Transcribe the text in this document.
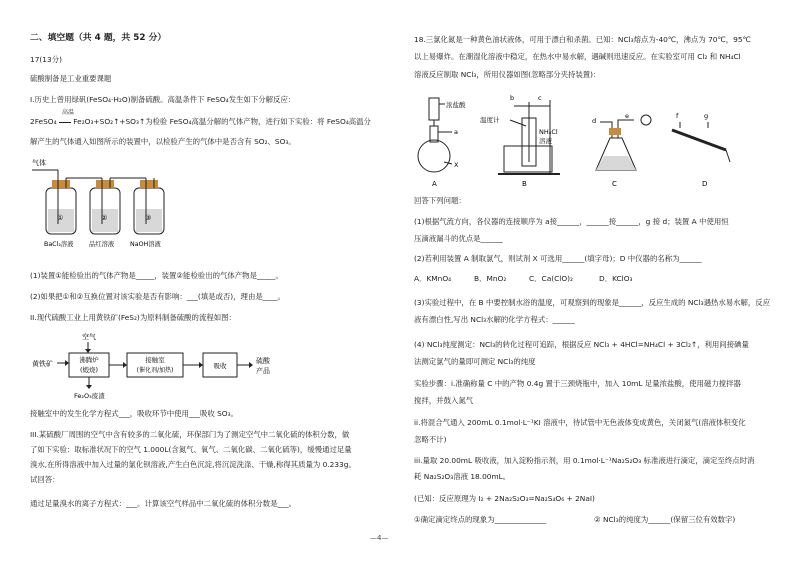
二、填空题（共 4 题，共 52 分）
17(13分)
硫酸制备是工业重要课题
I.历史上曾用绿矾(FeSO₄·H₂O)制备硫酸。高温条件下 FeSO₄发生如下分解反应：
高温
2FeSO₄ Fe₂O₃+SO₂↑+SO₃↑为检验 FeSO₄高温分解的气体产物，进行如下实验：将 FeSO₄高温分
解产生的气体通入如图所示的装置中，以检验产生的气体中是否含有 SO₂、SO₃。
气体
①	②	③
BaCl₂溶液 品红溶液	NaOH溶液
(1)装置①能检验出的气体产物是_____，装置②能检验出的气体产物是_____。
(2)如果把①和②互换位置对该实验是否有影响：___(填是或否)，理由是____。
II.现代硫酸工业上用黄铁矿(FeS₂)为原料制备硫酸的流程如图：
空气
黄铁矿	沸腾炉
(煅烧)
接触室
(催化剂/加热)
吸收
硫酸
产品
Fe₂O₃废渣
接触室中的发生化学方程式___，吸收环节中使用___吸收 SO₃。
III.某硫酸厂周围的空气中含有较多的二氧化硫，环保部门为了测定空气中二氧化硫的体积分数，做
了如下实验：取标准状况下的空气 1.000L(含氮气、氧气、二氧化碳、二氧化硫等)，缓慢通过足量
溴水,在所得溶液中加入过量的氯化钡溶液,产生白色沉淀,将沉淀洗涤、干燥,称得其质量为 0.233g。
试回答：
通过足量溴水的离子方程式：___。计算该空气样品中二氧化硫的体积分数是___。
18.三氯化氮是一种黄色油状液体，可用于漂白和杀菌。已知：NCl₃熔点为-40℃，沸点为 70℃，95℃
以上易爆炸。在潮湿化溶液中稳定，在热水中易水解，遇碱则迅速反应。在实验室可用 Cl₂ 和 NH₄Cl
溶液反应制取 NCl₃，所用仪器如图(忽略部分夹持装置)：
a
浓盐酸
X
A
温度计
b	c
NH₄Cl
溶液
B
d
e
C
f	g
D
回答下列问题：
(1)根据气流方向，各仪器的连接顺序为 a接______，______接______，g 接 d；装置 A 中使用恒
压滴液漏斗的优点是______
(2)若利用装置 A 制取氯气，则试剂 X 可选用______(填字母)；D 中仪器的名称为______
A．KMnO₄	B．MnO₂	C．Ca(ClO)₂	D．KClO₃
(3)实验过程中，在 B 中要控制水浴的温度，可观察到的现象是______，反应生成的 NCl₃遇热水易水解，反应
液有漂白性,写出 NCl₃水解的化学方程式：______
(4) NCl₃纯度测定：NCl₃的转化过程可追踪，根据反应 NCl₃ + 4HCl=NH₄Cl + 3Cl₂↑，利用间接碘量
法测定氯气的量即可测定 NCl₃的纯度
实验步骤：i.准确称量 C 中的产物 0.4g 置于三颈烧瓶中，加入 10mL 足量浓盐酸，使用磁力搅拌器
搅拌，并鼓入氮气
ii.将混合气通入 200mL 0.1mol·L⁻¹KI 溶液中，待试管中无色液体变成黄色，关闭氮气(溶液体积变化
忽略不计)
iii.量取 20.00mL 吸收液，加入淀粉指示剂，用 0.1mol·L⁻¹Na₂S₂O₃ 标准液进行滴定，滴定至终点时消
耗 Na₂S₂O₃溶液 18.00mL。
(已知：反应原理为 I₂ + 2Na₂S₂O₃=Na₂S₄O₆ + 2NaI)
①确定滴定终点的现象为______________	② NCl₃的纯度为______(保留三位有效数字)
—4—
